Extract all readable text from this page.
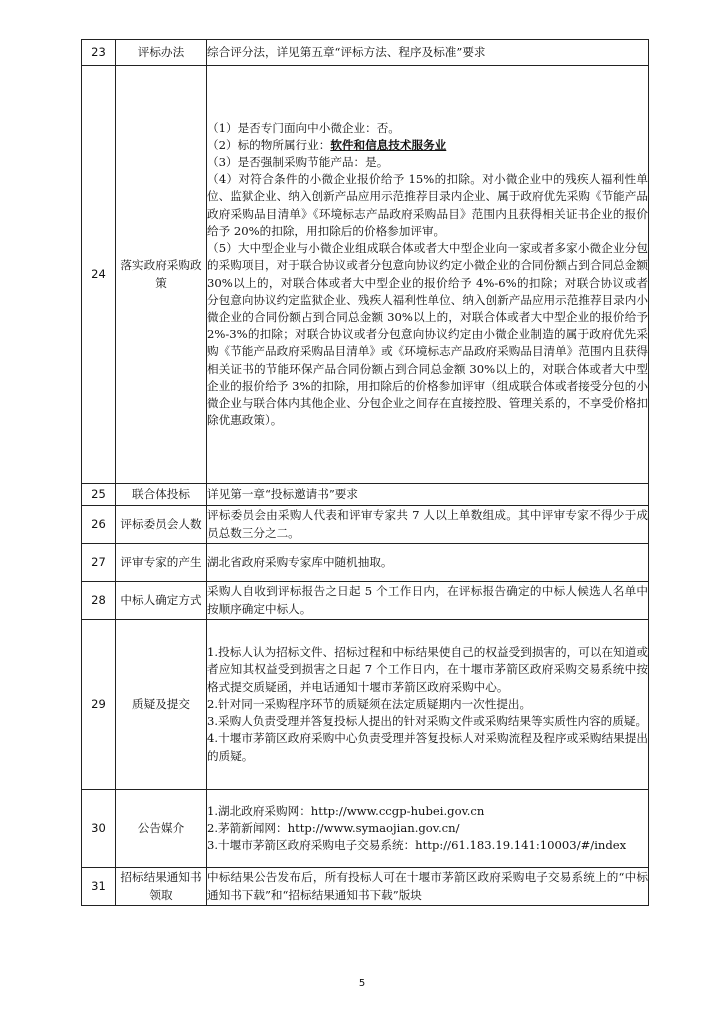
23	评标办法	综合评分法，详见第五章“评标方法、程序及标准”要求

24	落实政府采购政策	（1）是否专门面向中小微企业：否。
（2）标的物所属行业：软件和信息技术服务业
（3）是否强制采购节能产品：是。
（4）对符合条件的小微企业报价给予 15%的扣除。对小微企业中的残疾人福利性单位、监狱企业、纳入创新产品应用示范推荐目录内企业、属于政府优先采购《节能产品政府采购品目清单》《环境标志产品政府采购品目》范围内且获得相关证书企业的报价给予 20%的扣除，用扣除后的价格参加评审。
（5）大中型企业与小微企业组成联合体或者大中型企业向一家或者多家小微企业分包的采购项目，对于联合协议或者分包意向协议约定小微企业的合同份额占到合同总金额 30%以上的，对联合体或者大中型企业的报价给予 4%-6%的扣除；对联合协议或者分包意向协议约定监狱企业、残疾人福利性单位、纳入创新产品应用示范推荐目录内小微企业的合同份额占到合同总金额 30%以上的，对联合体或者大中型企业的报价给予 2%-3%的扣除；对联合协议或者分包意向协议约定由小微企业制造的属于政府优先采购《节能产品政府采购品目清单》或《环境标志产品政府采购品目清单》范围内且获得相关证书的节能环保产品合同份额占到合同总金额 30%以上的，对联合体或者大中型企业的报价给予 3%的扣除，用扣除后的价格参加评审（组成联合体或者接受分包的小微企业与联合体内其他企业、分包企业之间存在直接控股、管理关系的，不享受价格扣除优惠政策）。

25	联合体投标	详见第一章“投标邀请书”要求

26	评标委员会人数	评标委员会由采购人代表和评审专家共 7 人以上单数组成。其中评审专家不得少于成员总数三分之二。

27	评审专家的产生	湖北省政府采购专家库中随机抽取。

28	中标人确定方式	采购人自收到评标报告之日起 5 个工作日内，在评标报告确定的中标人候选人名单中按顺序确定中标人。

29	质疑及提交	1.投标人认为招标文件、招标过程和中标结果使自己的权益受到损害的，可以在知道或者应知其权益受到损害之日起 7 个工作日内，在十堰市茅箭区政府采购交易系统中按格式提交质疑函，并电话通知十堰市茅箭区政府采购中心。
2.针对同一采购程序环节的质疑须在法定质疑期内一次性提出。
3.采购人负责受理并答复投标人提出的针对采购文件或采购结果等实质性内容的质疑。
4.十堰市茅箭区政府采购中心负责受理并答复投标人对采购流程及程序或采购结果提出的质疑。

30	公告媒介	1.湖北政府采购网：http://www.ccgp-hubei.gov.cn
2.茅箭新闻网：http://www.symaojian.gov.cn/
3.十堰市茅箭区政府采购电子交易系统：http://61.183.19.141:10003/#/index

31	招标结果通知书领取	中标结果公告发布后，所有投标人可在十堰市茅箭区政府采购电子交易系统上的“中标通知书下载”和“招标结果通知书下载”版块
5
